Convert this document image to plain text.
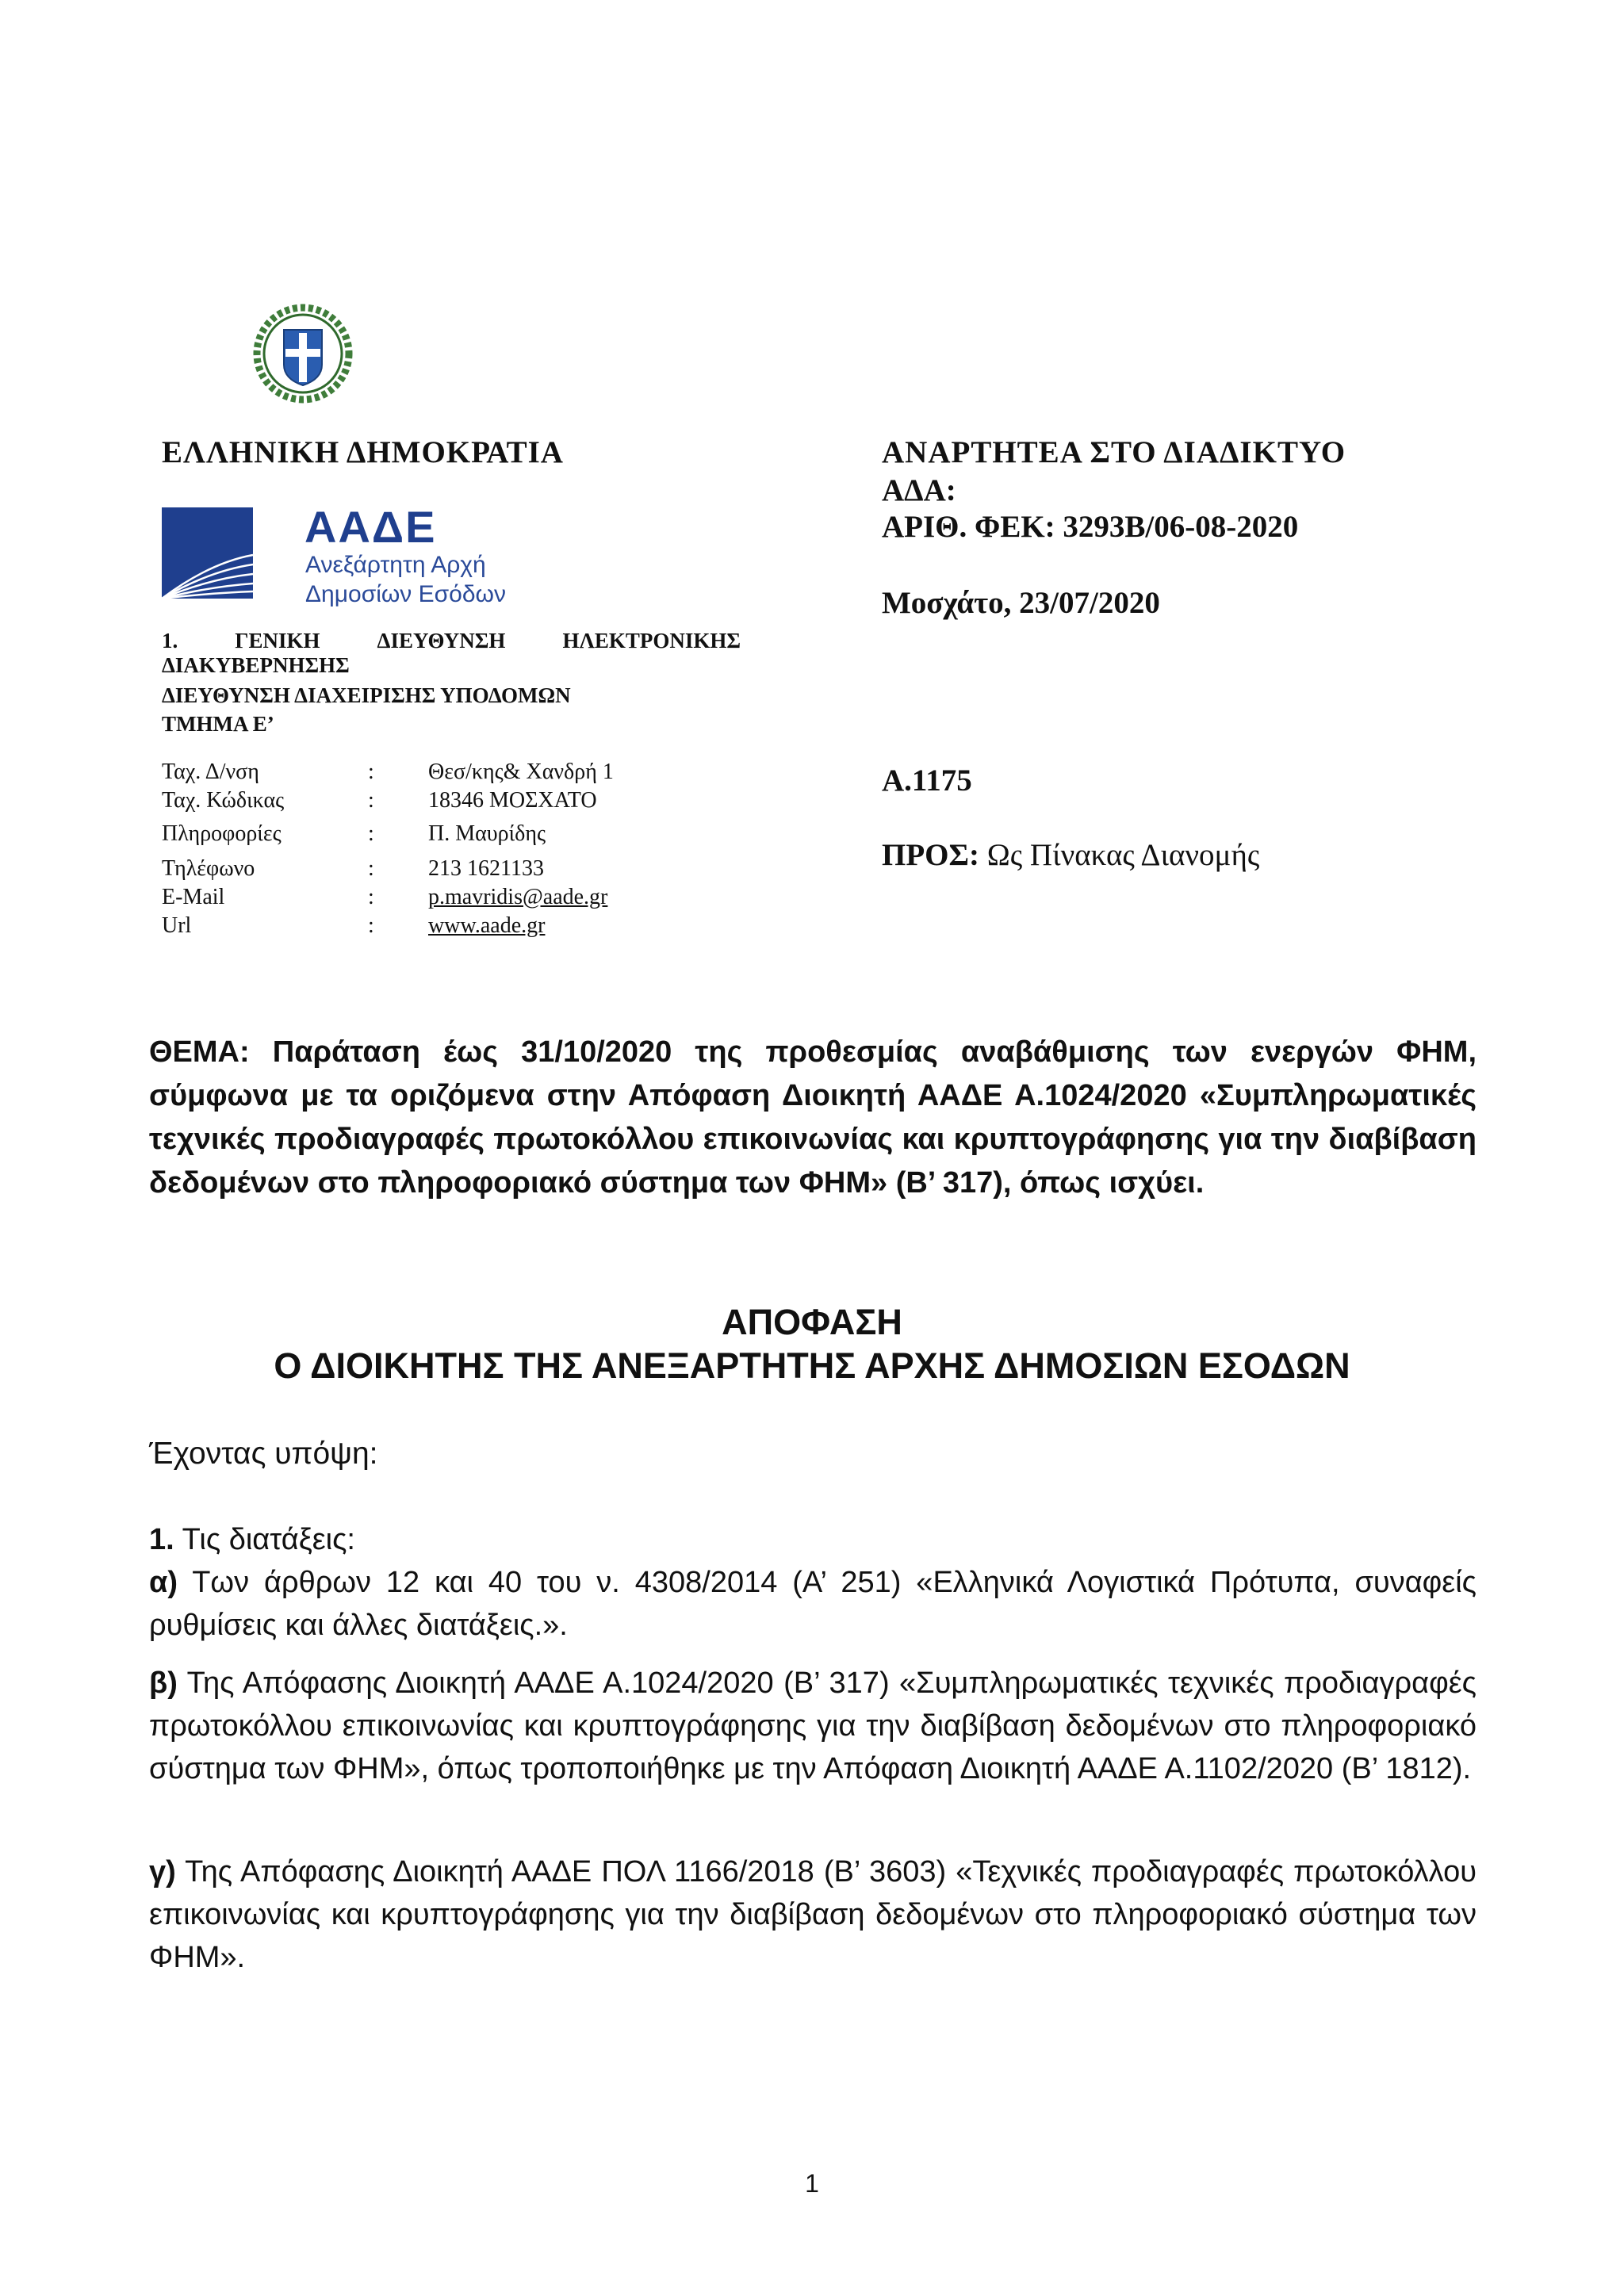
ΕΛΛΗΝΙΚΗ ΔΗΜΟΚΡΑΤΙΑ
ΑΑΔΕ
Ανεξάρτητη Αρχή
Δημοσίων Εσόδων
1.	ΓΕΝΙΚΗ	ΔΙΕΥΘΥΝΣΗ	ΗΛΕΚΤΡΟΝΙΚΗΣ
ΔΙΑΚΥΒΕΡΝΗΣΗΣ
ΔΙΕΥΘΥΝΣΗ ΔΙΑΧΕΙΡΙΣΗΣ ΥΠΟΔΟΜΩΝ
ΤΜΗΜΑ Ε’
Ταχ. Δ/νση	: Θεσ/κης& Χανδρή 1
Ταχ. Κώδικας	: 18346 ΜΟΣΧΑΤΟ
Πληροφορίες	: Π. Μαυρίδης
Τηλέφωνο	: 213 1621133
E-Mail	: p.mavridis@aade.gr
Url	: www.aade.gr
ΑΝΑΡΤΗΤΕΑ ΣΤΟ ΔΙΑΔΙΚΤΥΟ
ΑΔΑ:
ΑΡΙΘ. ΦΕΚ: 3293Β/06-08-2020
Μοσχάτο, 23/07/2020
Α.1175
ΠΡΟΣ: Ως Πίνακας Διανομής
ΘΕΜΑ: Παράταση έως 31/10/2020 της προθεσμίας αναβάθμισης των ενεργών ΦΗΜ, σύμφωνα με τα οριζόμενα στην Απόφαση Διοικητή ΑΑΔΕ Α.1024/2020 «Συμπληρωματικές τεχνικές προδιαγραφές πρωτοκόλλου επικοινωνίας και κρυπτογράφησης για την διαβίβαση δεδομένων στο πληροφοριακό σύστημα των ΦΗΜ» (Β’ 317), όπως ισχύει.
ΑΠΟΦΑΣΗ
Ο ΔΙΟΙΚΗΤΗΣ ΤΗΣ ΑΝΕΞΑΡΤΗΤΗΣ ΑΡΧΗΣ ΔΗΜΟΣΙΩΝ ΕΣΟΔΩΝ
Έχοντας υπόψη:
1. Τις διατάξεις:
α) Των άρθρων 12 και 40 του ν. 4308/2014 (Α’ 251) «Ελληνικά Λογιστικά Πρότυπα, συναφείς ρυθμίσεις και άλλες διατάξεις.».
β) Της Απόφασης Διοικητή ΑΑΔΕ Α.1024/2020 (Β’ 317) «Συμπληρωματικές τεχνικές προδιαγραφές πρωτοκόλλου επικοινωνίας και κρυπτογράφησης για την διαβίβαση δεδομένων στο πληροφοριακό σύστημα των ΦΗΜ», όπως τροποποιήθηκε με την Απόφαση Διοικητή ΑΑΔΕ Α.1102/2020 (Β’ 1812).
γ) Της Απόφασης Διοικητή ΑΑΔΕ ΠΟΛ 1166/2018 (Β’ 3603) «Τεχνικές προδιαγραφές πρωτοκόλλου επικοινωνίας και κρυπτογράφησης για την διαβίβαση δεδομένων στο πληροφοριακό σύστημα των ΦΗΜ».
1
